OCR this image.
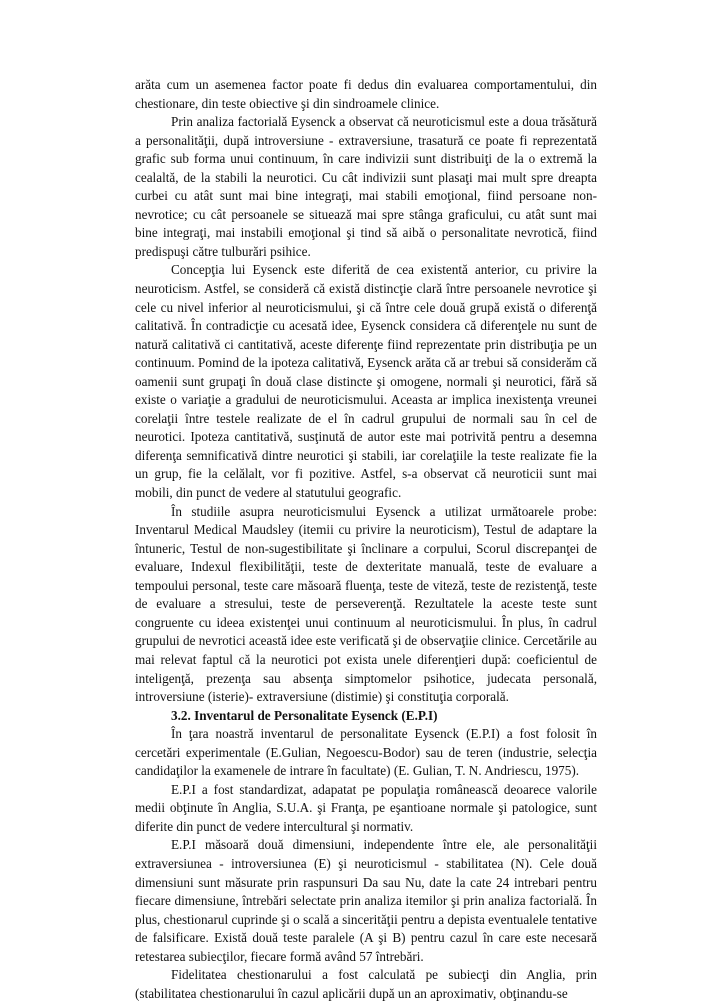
arăta cum un asemenea factor poate fi dedus din evaluarea comportamentului, din chestionare, din teste obiective şi din sindroamele clinice.

Prin analiza factorială Eysenck a observat că neuroticismul este a doua trăsătură a personalităţii, după introversiune - extraversiune, trasatură ce poate fi reprezentată grafic sub forma unui continuum, în care indivizii sunt distribuiţi de la o extremă la cealaltă, de la stabili la neurotici. Cu cât indivizii sunt plasaţi mai mult spre dreapta curbei cu atât sunt mai bine integraţi, mai stabili emoţional, fiind persoane non-nevrotice; cu cât persoanele se situează mai spre stânga graficului, cu atât sunt mai bine integraţi, mai instabili emoţional şi tind să aibă o personalitate nevrotică, fiind predispuşi către tulburări psihice.

Concepţia lui Eysenck este diferită de cea existentă anterior, cu privire la neuroticism. Astfel, se consideră că există distincţie clară între persoanele nevrotice şi cele cu nivel inferior al neuroticismului, şi că între cele două grupă există o diferenţă calitativă. În contradicţie cu acesată idee, Eysenck considera că diferenţele nu sunt de natură calitativă ci cantitativă, aceste diferenţe fiind reprezentate prin distribuţia pe un continuum. Pomind de la ipoteza calitativă, Eysenck arăta că ar trebui să considerăm că oamenii sunt grupaţi în două clase distincte şi omogene, normali şi neurotici, fără să existe o variaţie a gradului de neuroticismului. Aceasta ar implica inexistenţa vreunei corelaţii între testele realizate de el în cadrul grupului de normali sau în cel de neurotici. Ipoteza cantitativă, susţinută de autor este mai potrivită pentru a desemna diferenţa semnificativă dintre neurotici şi stabili, iar corelaţiile la teste realizate fie la un grup, fie la celălalt, vor fi pozitive. Astfel, s-a observat că neuroticii sunt mai mobili, din punct de vedere al statutului geografic.

În studiile asupra neuroticismului Eysenck a utilizat următoarele probe: Inventarul Medical Maudsley (itemii cu privire la neuroticism), Testul de adaptare la întuneric, Testul de non-sugestibilitate şi înclinare a corpului, Scorul discrepanţei de evaluare, Indexul flexibilităţii, teste de dexteritate manuală, teste de evaluare a tempoului personal, teste care măsoară fluenţa, teste de viteză, teste de rezistenţă, teste de evaluare a stresului, teste de perseverenţă. Rezultatele la aceste teste sunt congruente cu ideea existenţei unui continuum al neuroticismului. În plus, în cadrul grupului de nevrotici această idee este verificată şi de observaţiie clinice. Cercetările au mai relevat faptul că la neurotici pot exista unele diferenţieri după: coeficientul de inteligenţă, prezenţa sau absenţa simptomelor psihotice, judecata personală, introversiune (isterie)- extraversiune (distimie) şi constituţia corporală.

3.2. Inventarul de Personalitate Eysenck (E.P.I)

În ţara noastră inventarul de personalitate Eysenck (E.P.I) a fost folosit în cercetări experimentale (E.Gulian, Negoescu-Bodor) sau de teren (industrie, selecţia candidaţilor la examenele de intrare în facultate) (E. Gulian, T. N. Andriescu, 1975).

E.P.I a fost standardizat, adapatat pe populaţia românească deoarece valorile medii obţinute în Anglia, S.U.A. şi Franţa, pe eşantioane normale şi patologice, sunt diferite din punct de vedere intercultural şi normativ.

E.P.I măsoară două dimensiuni, independente între ele, ale personalităţii extraversiunea - introversiunea (E) şi neuroticismul - stabilitatea (N). Cele două dimensiuni sunt măsurate prin raspunsuri Da sau Nu, date la cate 24 intrebari pentru fiecare dimensiune, întrebări selectate prin analiza itemilor şi prin analiza factorială. În plus, chestionarul cuprinde şi o scală a sincerităţii pentru a depista eventualele tentative de falsificare. Există două teste paralele (A şi B) pentru cazul în care este necesară retestarea subiecţilor, fiecare formă având 57 întrebări.

Fidelitatea chestionarului a fost calculată pe subiecţi din Anglia, prin (stabilitatea chestionarului în cazul aplicării după un an aproximativ, obţinandu-se
